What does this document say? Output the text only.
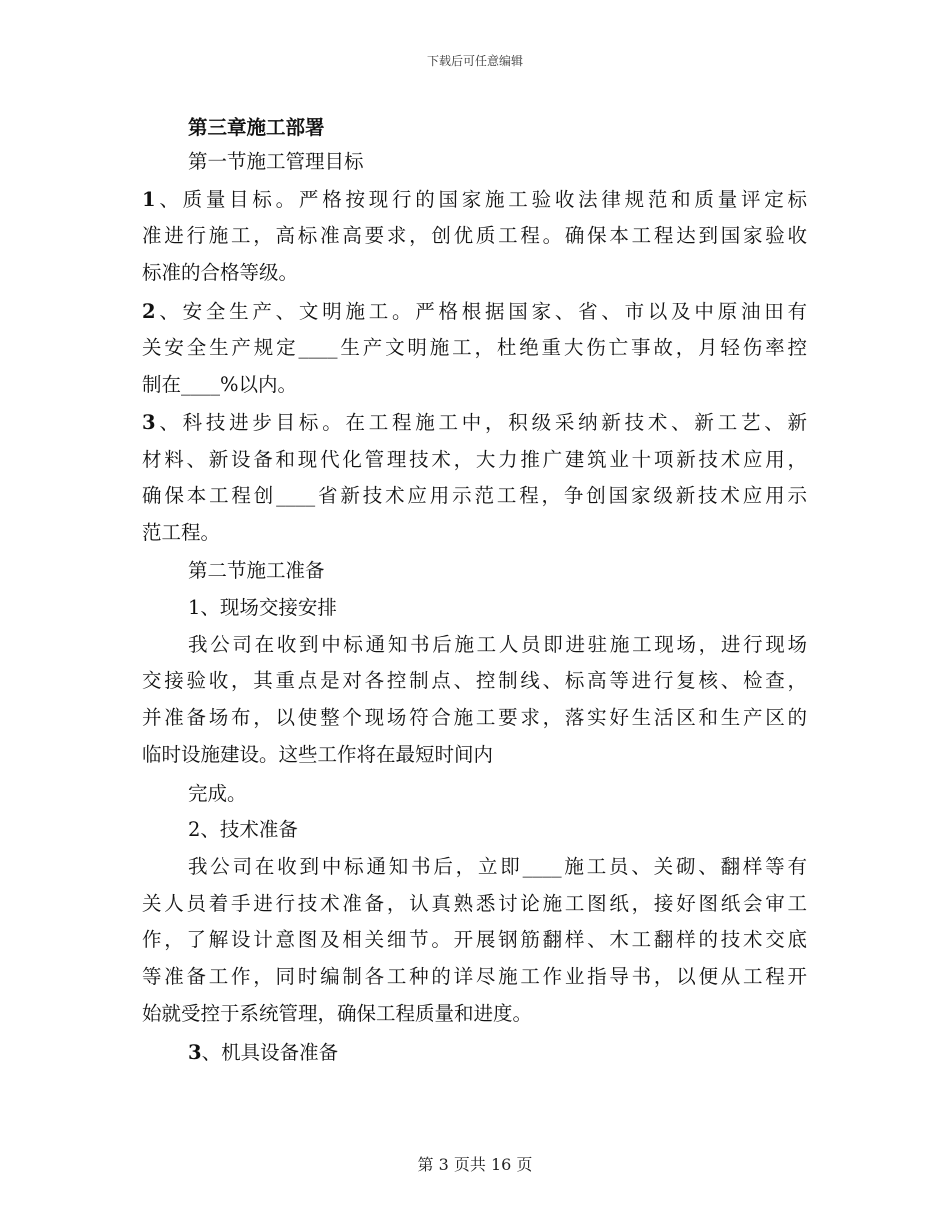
下载后可任意编辑
第三章施工部署
第一节施工管理目标
1、质量目标。严格按现行的国家施工验收法律规范和质量评定标
准进行施工，高标准高要求，创优质工程。确保本工程达到国家验收
标准的合格等级。
2、安全生产、文明施工。严格根据国家、省、市以及中原油田有
关安全生产规定____生产文明施工，杜绝重大伤亡事故，月轻伤率控
制在____%以内。
3、科技进步目标。在工程施工中，积级采纳新技术、新工艺、新
材料、新设备和现代化管理技术，大力推广建筑业十项新技术应用，
确保本工程创____省新技术应用示范工程，争创国家级新技术应用示
范工程。
第二节施工准备
1、现场交接安排
我公司在收到中标通知书后施工人员即进驻施工现场，进行现场
交接验收，其重点是对各控制点、控制线、标高等进行复核、检查，
并准备场布，以使整个现场符合施工要求，落实好生活区和生产区的
临时设施建设。这些工作将在最短时间内
完成。
2、技术准备
我公司在收到中标通知书后，立即____施工员、关砌、翻样等有
关人员着手进行技术准备，认真熟悉讨论施工图纸，接好图纸会审工
作，了解设计意图及相关细节。开展钢筋翻样、木工翻样的技术交底
等准备工作，同时编制各工种的详尽施工作业指导书，以便从工程开
始就受控于系统管理，确保工程质量和进度。
3、机具设备准备
第 3 页共 16 页
